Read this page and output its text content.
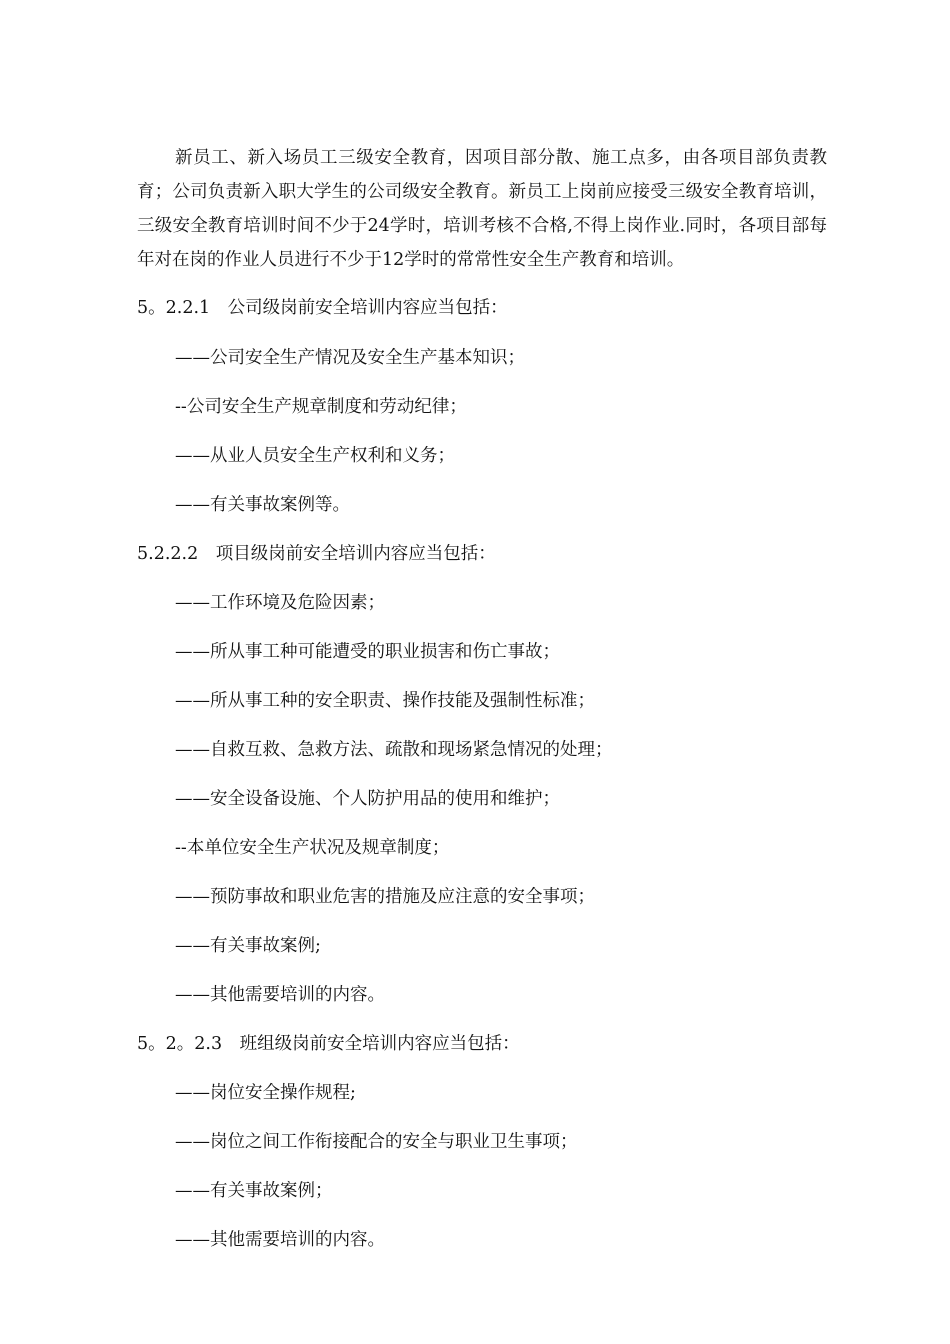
新员工、新入场员工三级安全教育，因项目部分散、施工点多，由各项目部负责教育；公司负责新入职大学生的公司级安全教育。新员工上岗前应接受三级安全教育培训，三级安全教育培训时间不少于24学时，培训考核不合格,不得上岗作业.同时，各项目部每年对在岗的作业人员进行不少于12学时的常常性安全生产教育和培训。

5。2.2.1　公司级岗前安全培训内容应当包括：

——公司安全生产情况及安全生产基本知识；

--公司安全生产规章制度和劳动纪律；

——从业人员安全生产权利和义务；

——有关事故案例等。

5.2.2.2　项目级岗前安全培训内容应当包括：

——工作环境及危险因素；

——所从事工种可能遭受的职业损害和伤亡事故；

——所从事工种的安全职责、操作技能及强制性标准；

——自救互救、急救方法、疏散和现场紧急情况的处理；

——安全设备设施、个人防护用品的使用和维护；

--本单位安全生产状况及规章制度；

——预防事故和职业危害的措施及应注意的安全事项；

——有关事故案例;

——其他需要培训的内容。

5。2。2.3　班组级岗前安全培训内容应当包括：

——岗位安全操作规程;

——岗位之间工作衔接配合的安全与职业卫生事项；

——有关事故案例；

——其他需要培训的内容。
